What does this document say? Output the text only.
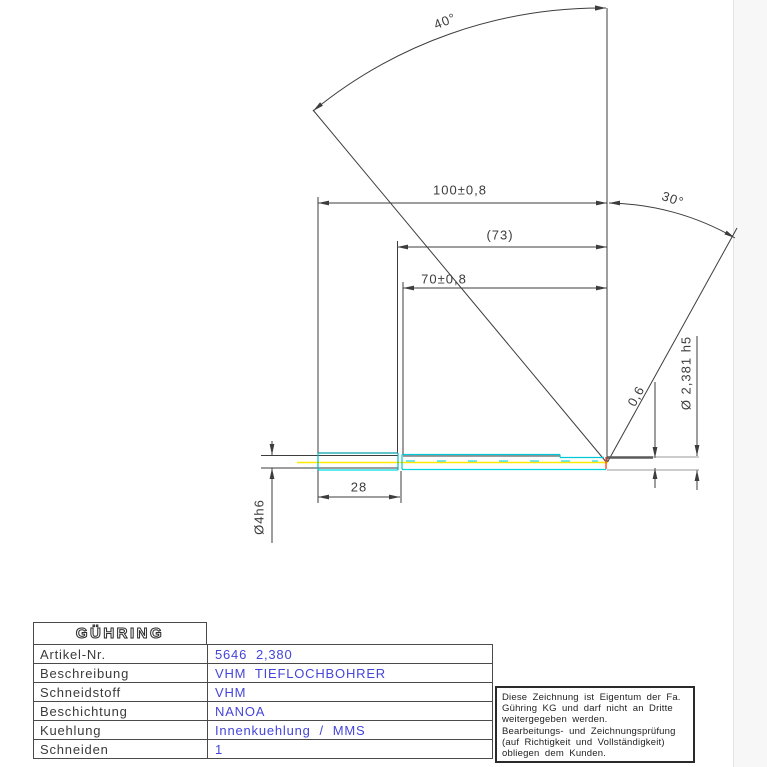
40°
30°
100±0,8
(73)
70±0,8
28
Ø4h6
0,6 Ø 2,381 h5
GÜHRING
Artikel-Nr.	5646  2,380
Beschreibung	VHM  TIEFLOCHBOHRER
Schneidstoff	VHM
Beschichtung	NANOA
Kuehlung	Innenkuehlung  /  MMS
Schneiden	1
Diese Zeichnung ist Eigentum der Fa.
Gühring KG und darf nicht an Dritte
weitergegeben werden.
Bearbeitungs- und Zeichnungsprüfung
(auf Richtigkeit und Vollständigkeit)
obliegen dem Kunden.
